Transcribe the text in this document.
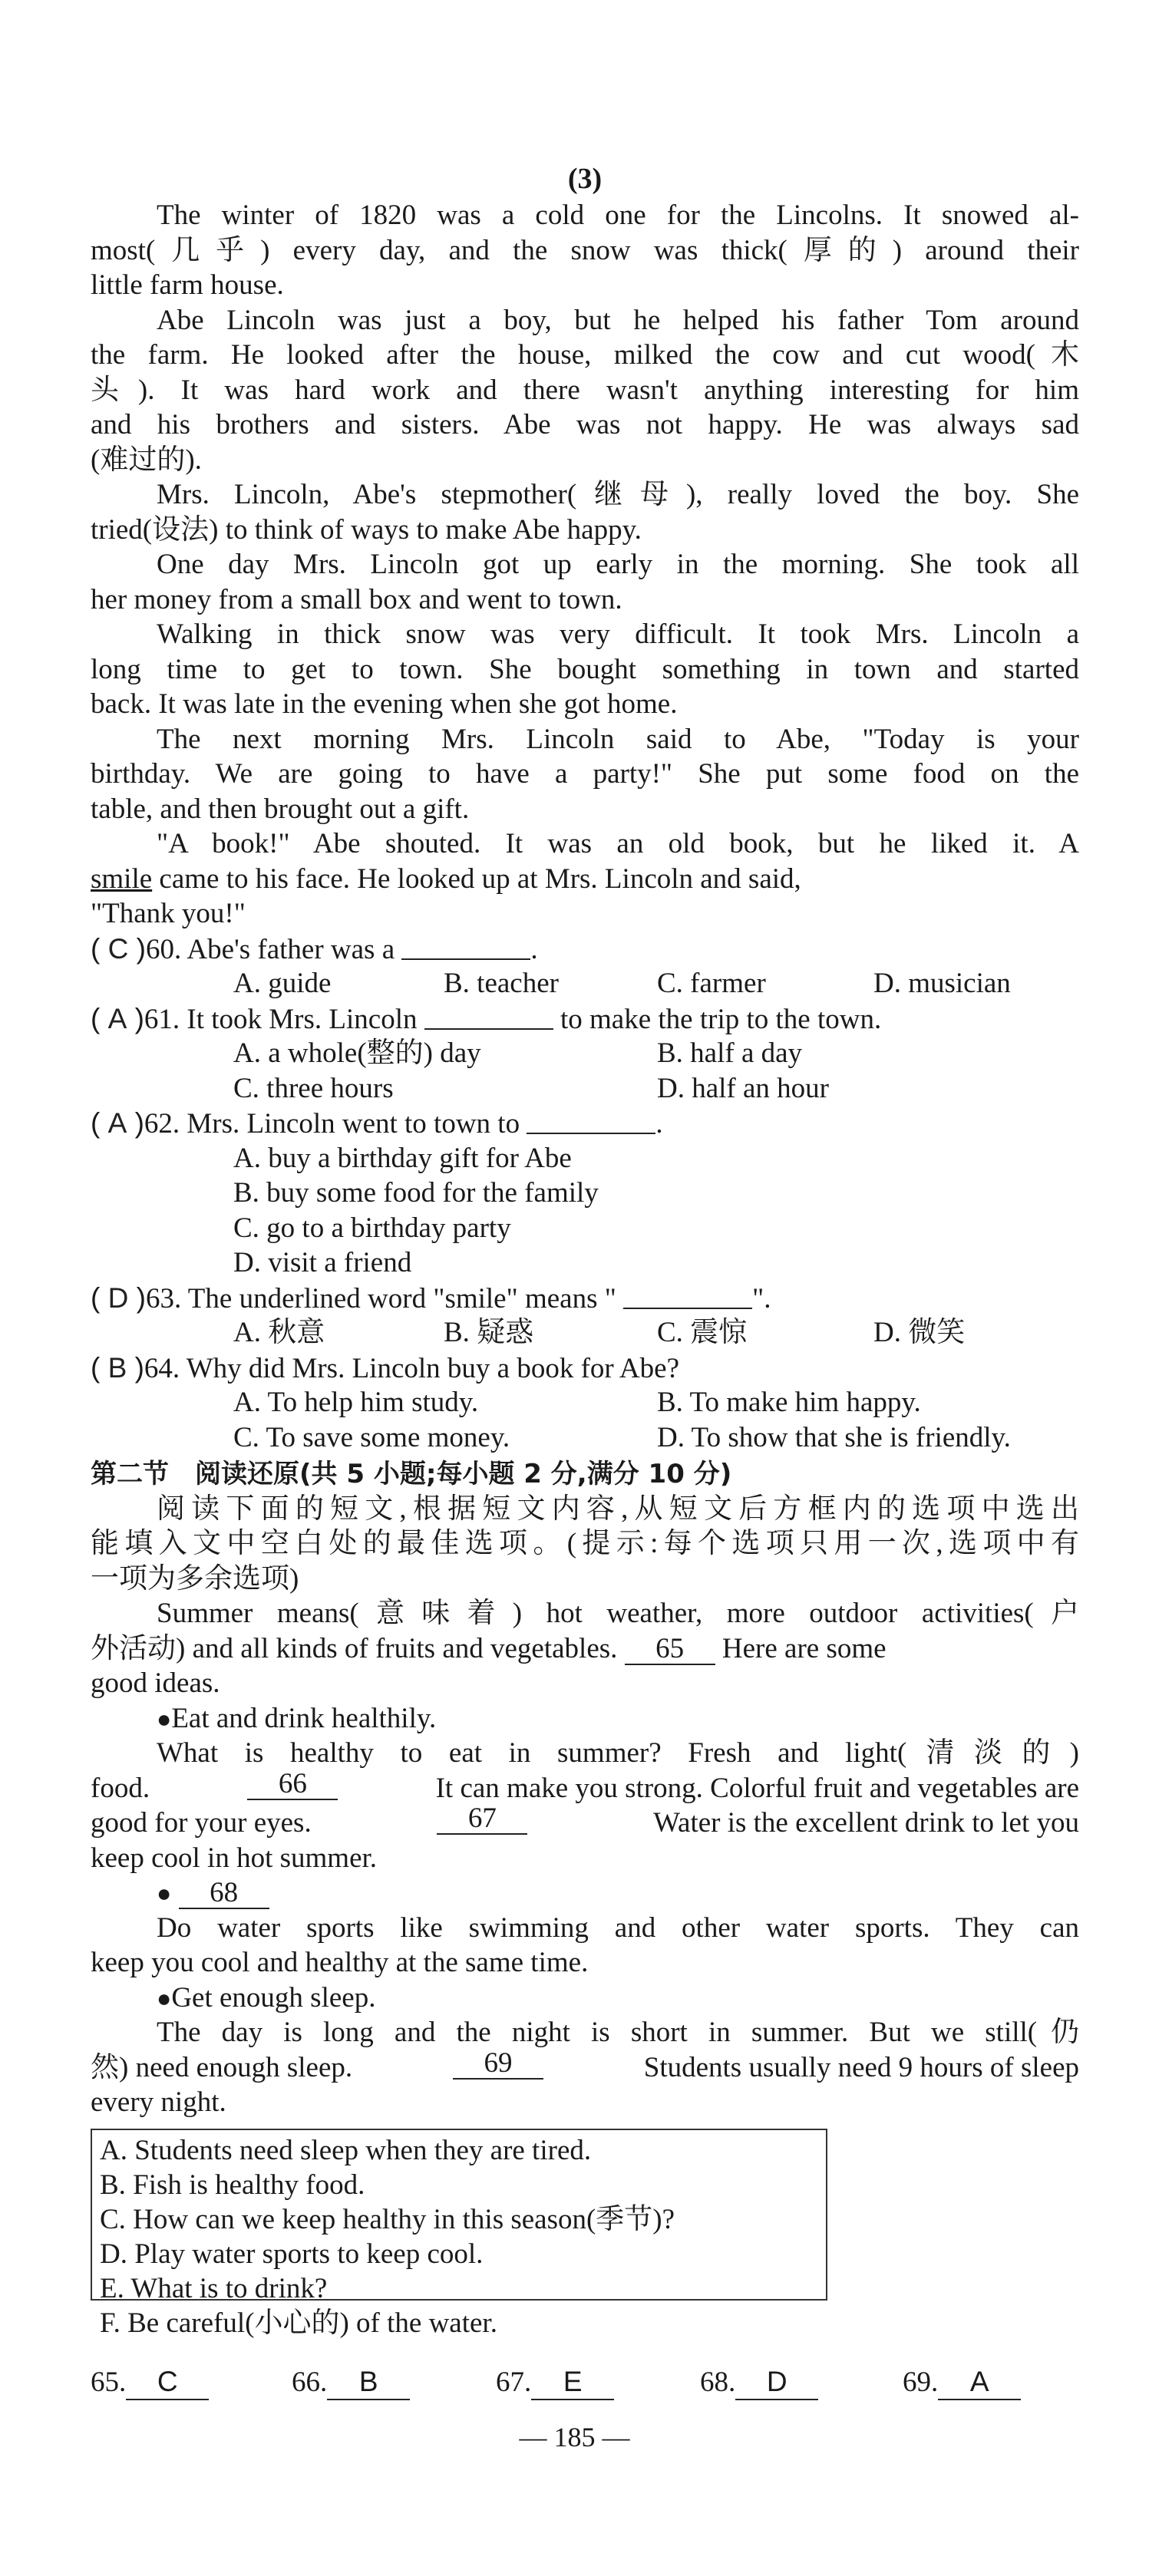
(3)
The winter of 1820 was a cold one for the Lincolns. It snowed al-
most(几乎) every day, and the snow was thick(厚的) around their
little farm house.
Abe Lincoln was just a boy, but he helped his father Tom around
the farm. He looked after the house, milked the cow and cut wood(木
头). It was hard work and there wasn't anything interesting for him
and his brothers and sisters. Abe was not happy. He was always sad
(难过的).
Mrs. Lincoln, Abe's stepmother(继母), really loved the boy. She
tried(设法) to think of ways to make Abe happy.
One day Mrs. Lincoln got up early in the morning. She took all
her money from a small box and went to town.
Walking in thick snow was very difficult. It took Mrs. Lincoln a
long time to get to town. She bought something in town and started
back. It was late in the evening when she got home.
The next morning Mrs. Lincoln said to Abe, "Today is your
birthday. We are going to have a party!" She put some food on the
table, and then brought out a gift.
"A book!" Abe shouted. It was an old book, but he liked it. A
smile came to his face. He looked up at Mrs. Lincoln and said,
"Thank you!"
( C )60. Abe's father was a	.
A. guide	B. teacher	C. farmer	D. musician
( A )61. It took Mrs. Lincoln	to make the trip to the town.
A. a whole(整的) day	B. half a day
C. three hours	D. half an hour
( A )62. Mrs. Lincoln went to town to	.
A. buy a birthday gift for Abe
B. buy some food for the family
C. go to a birthday party
D. visit a friend
( D )63. The underlined word "smile" means "	".
A. 秋意	B. 疑惑	C. 震惊	D. 微笑
( B )64. Why did Mrs. Lincoln buy a book for Abe?
A. To help him study.	B. To make him happy.
C. To save some money.	D. To show that she is friendly.
第二节　阅读还原(共 5 小题;每小题 2 分,满分 10 分)
阅读下面的短文,根据短文内容,从短文后方框内的选项中选出
能填入文中空白处的最佳选项。(提示:每个选项只用一次,选项中有
一项为多余选项)
Summer means(意味着) hot weather, more outdoor activities(户
外活动) and all kinds of fruits and vegetables. 65 Here are some
good ideas.
●Eat and drink healthily.
What is healthy to eat in summer? Fresh and light(清淡的)
food.	66	It can make you strong. Colorful fruit and vegetables are
good for your eyes.	67	Water is the excellent drink to let you
keep cool in hot summer.
● 68
Do water sports like swimming and other water sports. They can
keep you cool and healthy at the same time.
●Get enough sleep.
The day is long and the night is short in summer. But we still(仍
然) need enough sleep.	69	Students usually need 9 hours of sleep
every night.
A. Students need sleep when they are tired.
B. Fish is healthy food.
C. How can we keep healthy in this season(季节)?
D. Play water sports to keep cool.
E. What is to drink?
F. Be careful(小心的) of the water.
65. C	66. B	67. E	68. D	69. A
— 185 —
